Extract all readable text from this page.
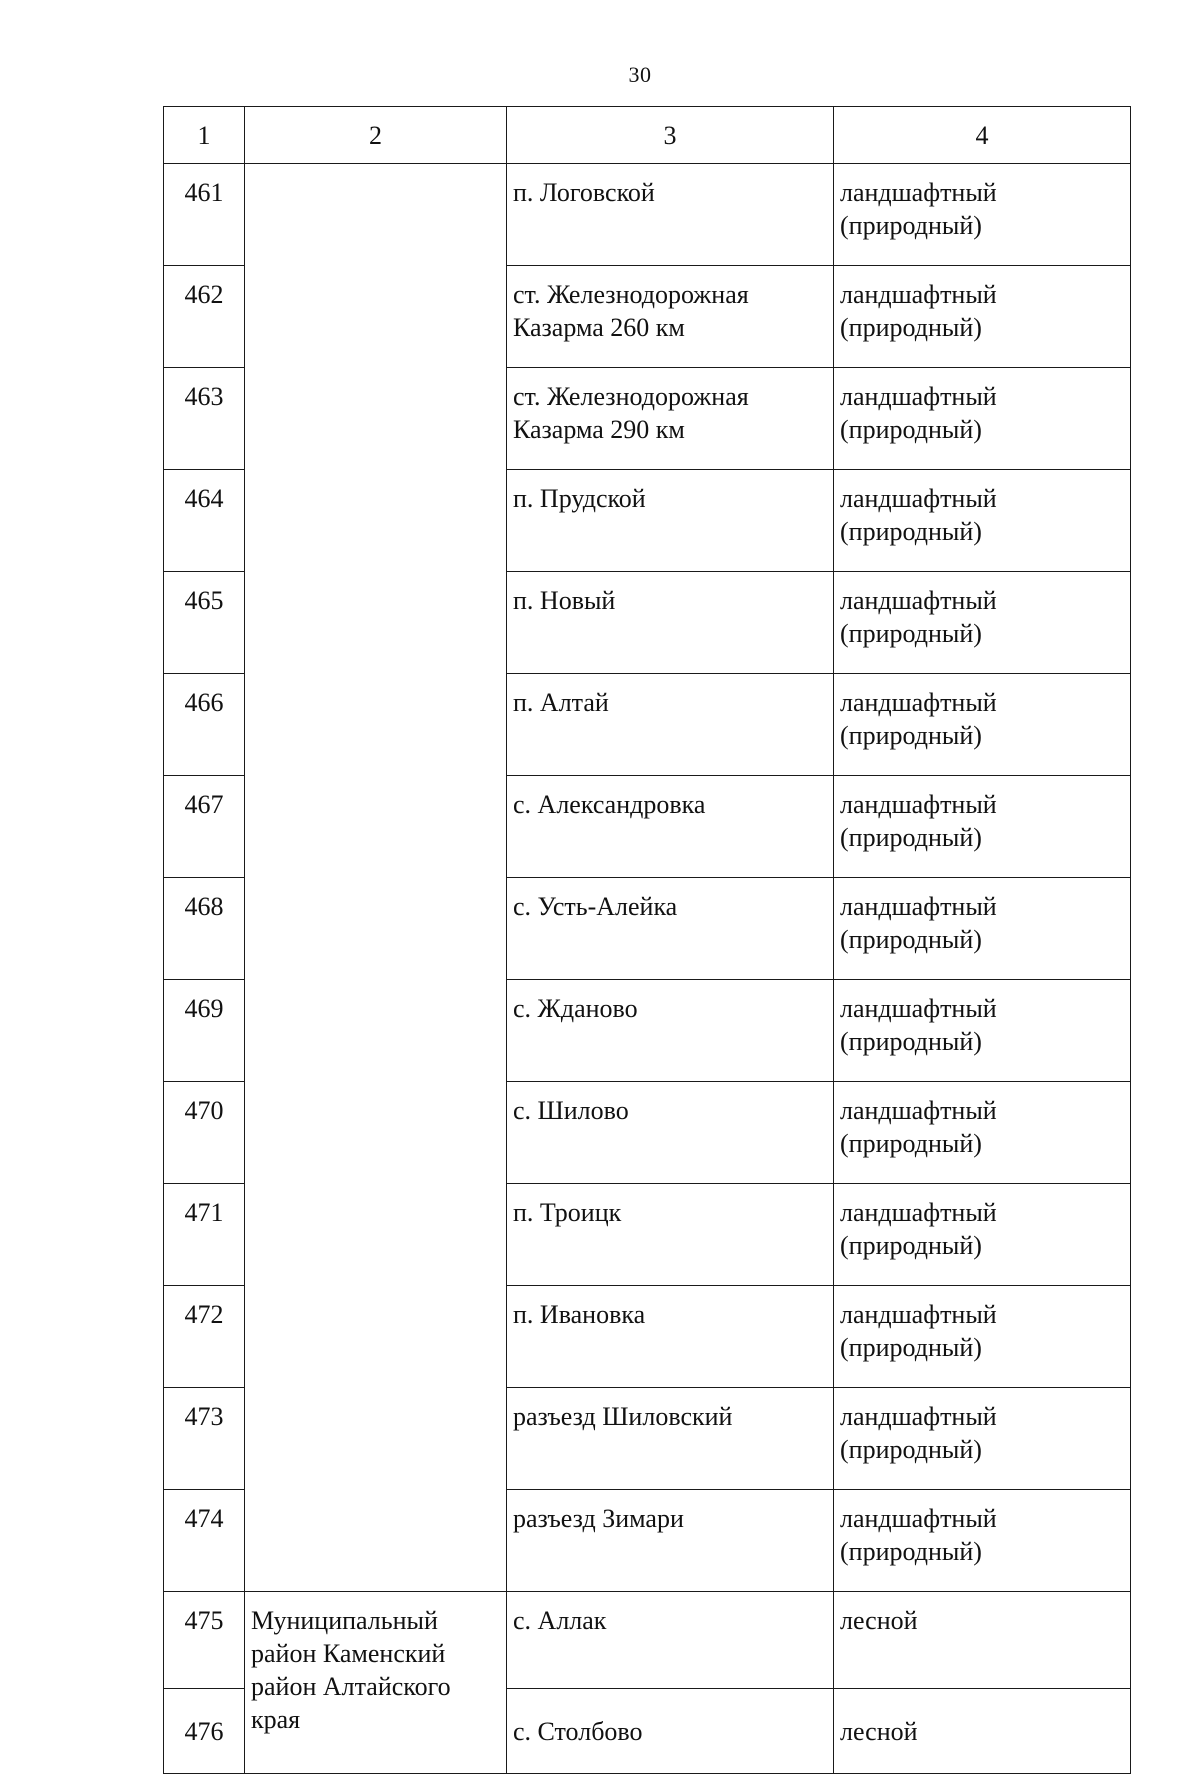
30
1	2	3	4
461		п. Логовской	ландшафтный
(природный)
462		ст. Железнодорожная
Казарма 260 км	ландшафтный
(природный)
463		ст. Железнодорожная
Казарма 290 км	ландшафтный
(природный)
464		п. Прудской	ландшафтный
(природный)
465		п. Новый	ландшафтный
(природный)
466		п. Алтай	ландшафтный
(природный)
467		с. Александровка	ландшафтный
(природный)
468		с. Усть-Алейка	ландшафтный
(природный)
469		с. Жданово	ландшафтный
(природный)
470		с. Шилово	ландшафтный
(природный)
471		п. Троицк	ландшафтный
(природный)
472		п. Ивановка	ландшафтный
(природный)
473		разъезд Шиловский	ландшафтный
(природный)
474		разъезд Зимари	ландшафтный
(природный)
475	Муниципальный
район Каменский
район Алтайского
края	с. Аллак	лесной
476		с. Столбово	лесной
